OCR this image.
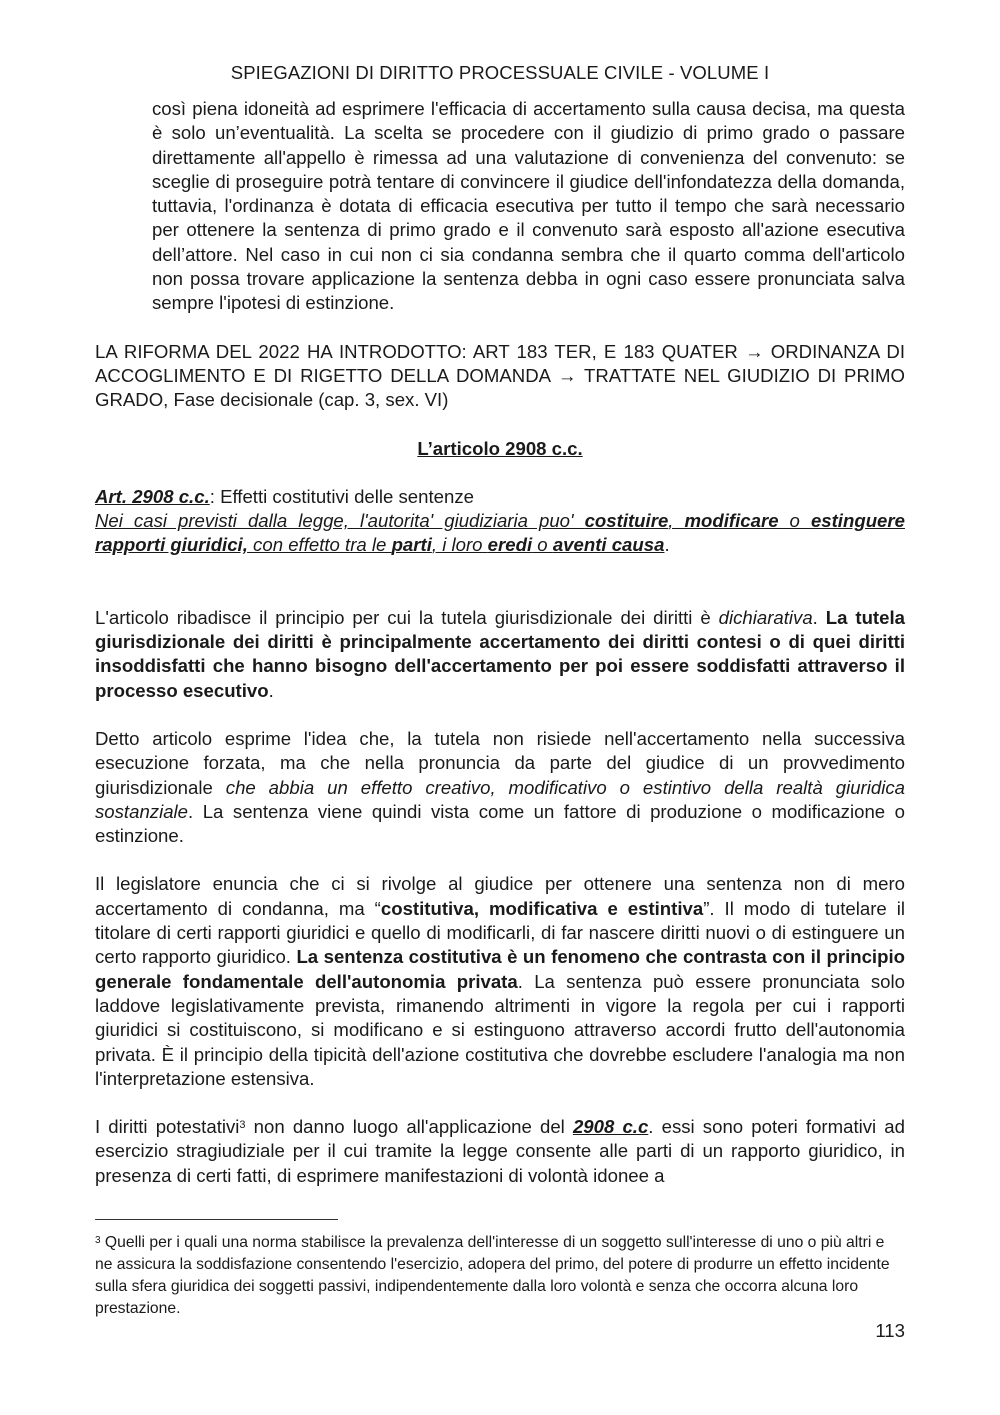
SPIEGAZIONI DI DIRITTO PROCESSUALE CIVILE - VOLUME I

così piena idoneità ad esprimere l'efficacia di accertamento sulla causa decisa, ma questa è solo un’eventualità. La scelta se procedere con il giudizio di primo grado o passare direttamente all'appello è rimessa ad una valutazione di convenienza del convenuto: se sceglie di proseguire potrà tentare di convincere il giudice dell'infondatezza della domanda, tuttavia, l'ordinanza è dotata di efficacia esecutiva per tutto il tempo che sarà necessario per ottenere la sentenza di primo grado e il convenuto sarà esposto all'azione esecutiva dell’attore. Nel caso in cui non ci sia condanna sembra che il quarto comma dell'articolo non possa trovare applicazione la sentenza debba in ogni caso essere pronunciata salva sempre l'ipotesi di estinzione.

LA RIFORMA DEL 2022 HA INTRODOTTO: ART 183 TER, E 183 QUATER → ORDINANZA DI ACCOGLIMENTO E DI RIGETTO DELLA DOMANDA → TRATTATE NEL GIUDIZIO DI PRIMO GRADO, Fase decisionale (cap. 3, sex. VI)

L’articolo 2908 c.c.

Art. 2908 c.c.: Effetti costitutivi delle sentenze

Nei casi previsti dalla legge, l'autorita' giudiziaria puo' costituire, modificare o estinguere rapporti giuridici, con effetto tra le parti, i loro eredi o aventi causa.

L'articolo ribadisce il principio per cui la tutela giurisdizionale dei diritti è dichiarativa. La tutela giurisdizionale dei diritti è principalmente accertamento dei diritti contesi o di quei diritti insoddisfatti che hanno bisogno dell'accertamento per poi essere soddisfatti attraverso il processo esecutivo.

Detto articolo esprime l'idea che, la tutela non risiede nell'accertamento nella successiva esecuzione forzata, ma che nella pronuncia da parte del giudice di un provvedimento giurisdizionale che abbia un effetto creativo, modificativo o estintivo della realtà giuridica sostanziale. La sentenza viene quindi vista come un fattore di produzione o modificazione o estinzione.

Il legislatore enuncia che ci si rivolge al giudice per ottenere una sentenza non di mero accertamento di condanna, ma “costitutiva, modificativa e estintiva”. Il modo di tutelare il titolare di certi rapporti giuridici e quello di modificarli, di far nascere diritti nuovi o di estinguere un certo rapporto giuridico. La sentenza costitutiva è un fenomeno che contrasta con il principio generale fondamentale dell'autonomia privata. La sentenza può essere pronunciata solo laddove legislativamente prevista, rimanendo altrimenti in vigore la regola per cui i rapporti giuridici si costituiscono, si modificano e si estinguono attraverso accordi frutto dell'autonomia privata. È il principio della tipicità dell'azione costitutiva che dovrebbe escludere l'analogia ma non l'interpretazione estensiva.

I diritti potestativi$^3$ non danno luogo all'applicazione del 2908 c.c. essi sono poteri formativi ad esercizio stragiudiziale per il cui tramite la legge consente alle parti di un rapporto giuridico, in presenza di certi fatti, di esprimere manifestazioni di volontà idonee a

$^3$ Quelli per i quali una norma stabilisce la prevalenza dell'interesse di un soggetto sull'interesse di uno o più altri e ne assicura la soddisfazione consentendo l'esercizio, adopera del primo, del potere di produrre un effetto incidente sulla sfera giuridica dei soggetti passivi, indipendentemente dalla loro volontà e senza che occorra alcuna loro prestazione.
113
